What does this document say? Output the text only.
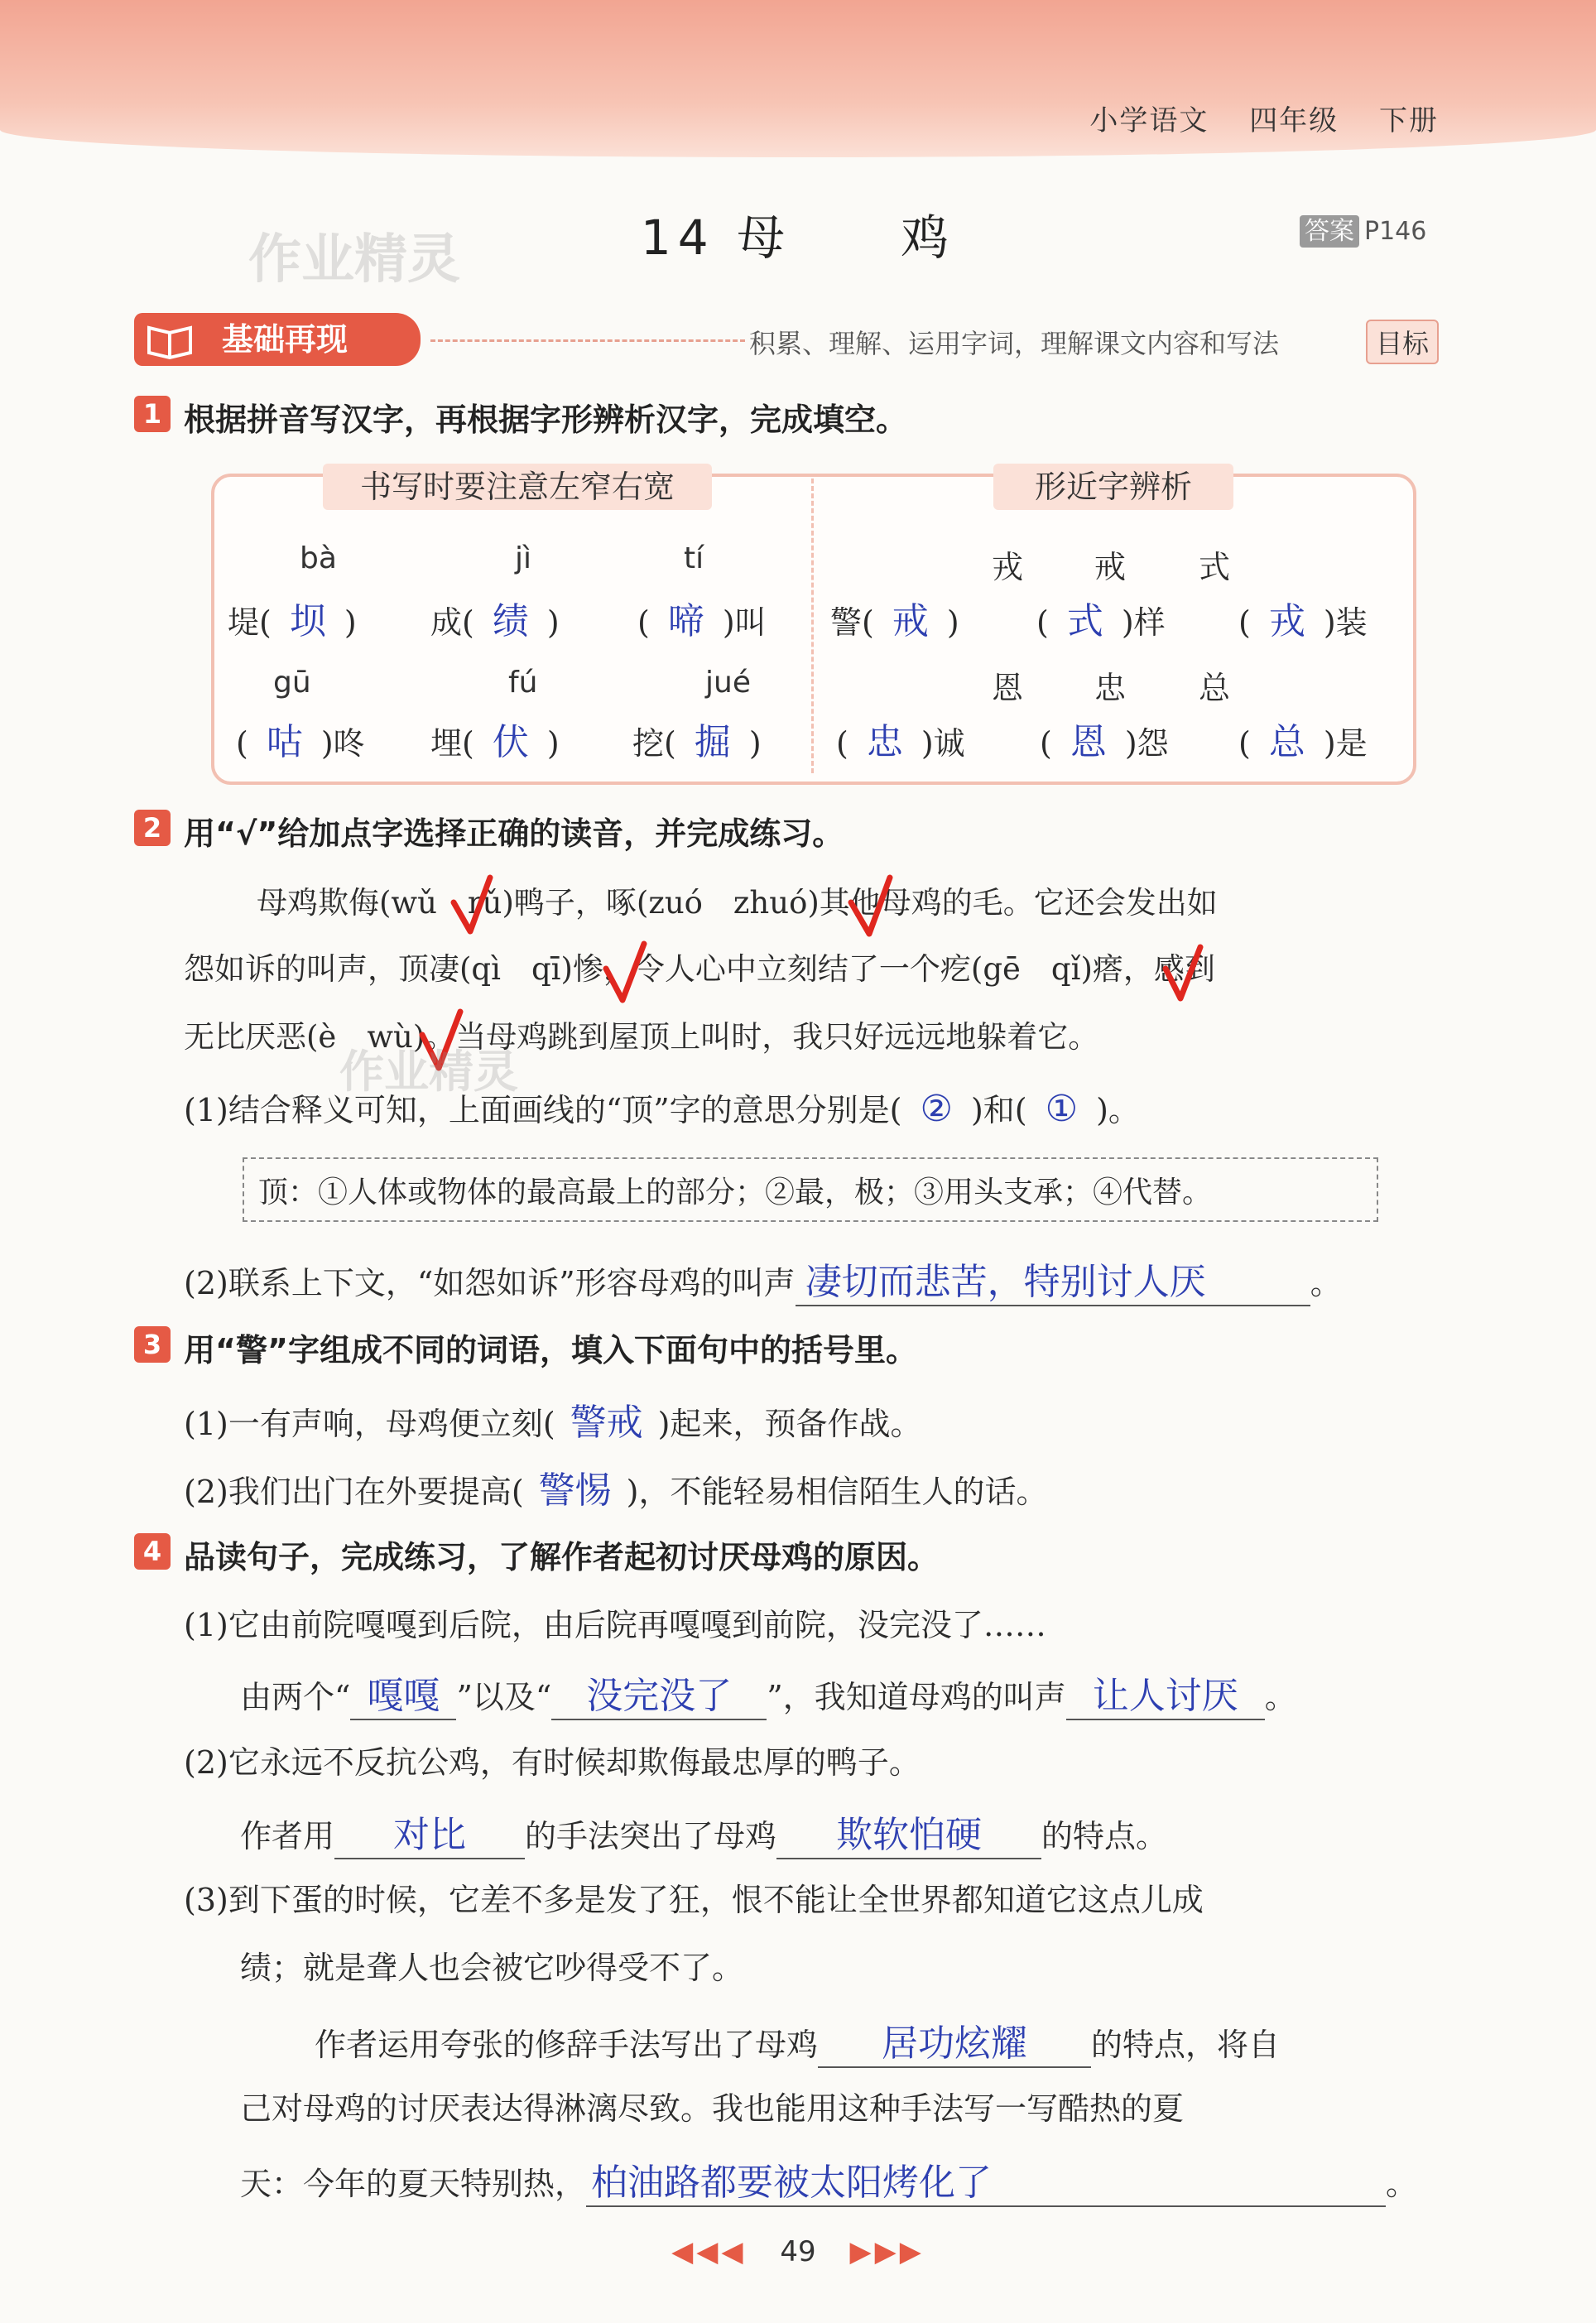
小学语文　 四年级　 下册
作业精灵	14 母　　鸡	答案 P146
基础再现	积累、理解、运用字词，理解课文内容和写法	目标
1 根据拼音写汉字，再根据字形辨析汉字，完成填空。
书写时要注意左窄右宽	形近字辨析
bà	jì	tí
堤( 坝 ) 成( 绩 ) ( 啼 )叫
gū	fú	jué
( 咕 )咚 埋( 伏 ) 挖( 掘 )
戎 戒 式
警( 戒 ) ( 式 )样 ( 戎 )装
恩 忠 总
( 忠 )诚 ( 恩 )怨 ( 总 )是
2 用“√”给加点字选择正确的读音，并完成练习。
母鸡欺侮(wǔ　rǔ)鸭子，啄(zuó　zhuó)其他母鸡的毛。它还会发出如
怨如诉的叫声，顶凄(qì　qī)惨，令人心中立刻结了一个疙(gē　qǐ)瘩，感到
无比厌恶(è　wù)。当母鸡跳到屋顶上叫时，我只好远远地躲着它。
作业精灵
(1)结合释义可知，上面画线的“顶”字的意思分别是( ② )和( ① )。
顶：①人体或物体的最高最上的部分；②最，极；③用头支承；④代替。
(2)联系上下文，“如怨如诉”形容母鸡的叫声 凄切而悲苦，特别讨人厌	。
3 用“警”字组成不同的词语，填入下面句中的括号里。
(1)一有声响，母鸡便立刻( 警戒 )起来，预备作战。
(2)我们出门在外要提高( 警惕 )，不能轻易相信陌生人的话。
4 品读句子，完成练习，了解作者起初讨厌母鸡的原因。
(1)它由前院嘎嘎到后院，由后院再嘎嘎到前院，没完没了……
由两个“ 嘎嘎 ”以及“ 没完没了 ”，我知道母鸡的叫声 让人讨厌 。
(2)它永远不反抗公鸡，有时候却欺侮最忠厚的鸭子。
作者用 对比 的手法突出了母鸡 欺软怕硬 的特点。
(3)到下蛋的时候，它差不多是发了狂，恨不能让全世界都知道它这点儿成
绩；就是聋人也会被它吵得受不了。
作者运用夸张的修辞手法写出了母鸡 居功炫耀 的特点，将自
己对母鸡的讨厌表达得淋漓尽致。我也能用这种手法写一写酷热的夏
天：今年的夏天特别热， 柏油路都要被太阳烤化了	。
◀◀◀ 49 ▶▶▶
